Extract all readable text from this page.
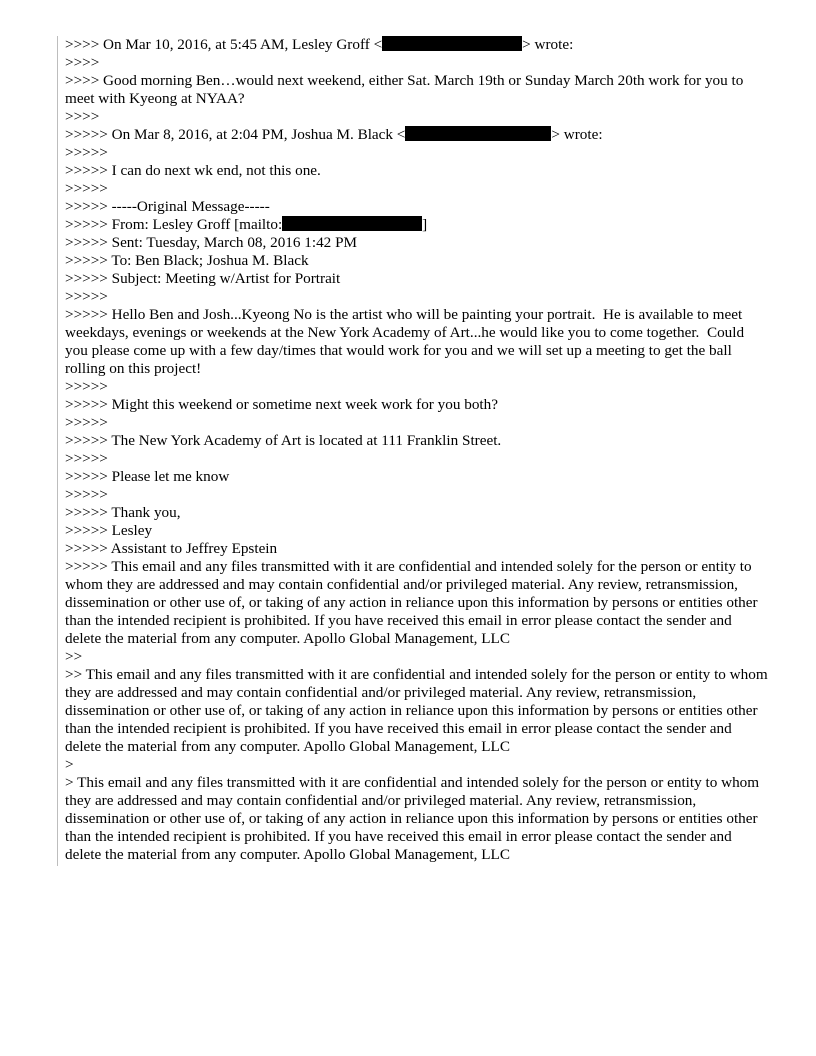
>>>> On Mar 10, 2016, at 5:45 AM, Lesley Groff <	> wrote:
>>>>
>>>> Good morning Ben…would next weekend, either Sat. March 19th or Sunday March 20th work for you to meet with Kyeong at NYAA?
>>>>
>>>>> On Mar 8, 2016, at 2:04 PM, Joshua M. Black <	> wrote:
>>>>>
>>>>> I can do next wk end, not this one.
>>>>>
>>>>> -----Original Message-----
>>>>> From: Lesley Groff [mailto:	]
>>>>> Sent: Tuesday, March 08, 2016 1:42 PM
>>>>> To: Ben Black; Joshua M. Black
>>>>> Subject: Meeting w/Artist for Portrait
>>>>>
>>>>> Hello Ben and Josh...Kyeong No is the artist who will be painting your portrait.  He is available to meet weekdays, evenings or weekends at the New York Academy of Art...he would like you to come together.  Could you please come up with a few day/times that would work for you and we will set up a meeting to get the ball rolling on this project!
>>>>>
>>>>> Might this weekend or sometime next week work for you both?
>>>>>
>>>>> The New York Academy of Art is located at 111 Franklin Street.
>>>>>
>>>>> Please let me know
>>>>>
>>>>> Thank you,
>>>>> Lesley
>>>>> Assistant to Jeffrey Epstein
>>>>> This email and any files transmitted with it are confidential and intended solely for the person or entity to whom they are addressed and may contain confidential and/or privileged material. Any review, retransmission, dissemination or other use of, or taking of any action in reliance upon this information by persons or entities other than the intended recipient is prohibited. If you have received this email in error please contact the sender and delete the material from any computer. Apollo Global Management, LLC
>>
>> This email and any files transmitted with it are confidential and intended solely for the person or entity to whom they are addressed and may contain confidential and/or privileged material. Any review, retransmission, dissemination or other use of, or taking of any action in reliance upon this information by persons or entities other than the intended recipient is prohibited. If you have received this email in error please contact the sender and delete the material from any computer. Apollo Global Management, LLC
>
> This email and any files transmitted with it are confidential and intended solely for the person or entity to whom they are addressed and may contain confidential and/or privileged material. Any review, retransmission, dissemination or other use of, or taking of any action in reliance upon this information by persons or entities other than the intended recipient is prohibited. If you have received this email in error please contact the sender and delete the material from any computer. Apollo Global Management, LLC
